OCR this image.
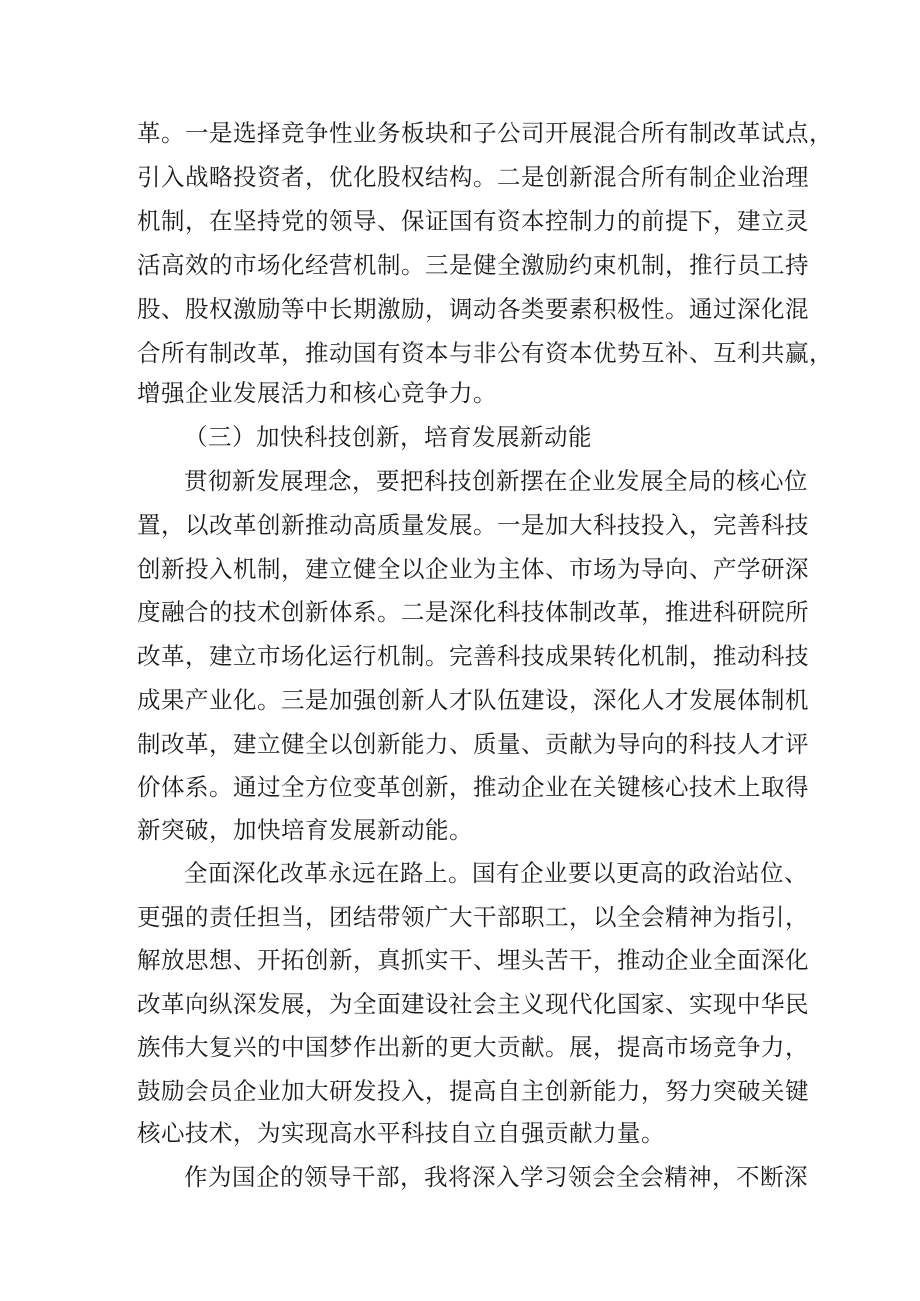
革。一是选择竞争性业务板块和子公司开展混合所有制改革试点，
引入战略投资者，优化股权结构。二是创新混合所有制企业治理
机制，在坚持党的领导、保证国有资本控制力的前提下，建立灵
活高效的市场化经营机制。三是健全激励约束机制，推行员工持
股、股权激励等中长期激励，调动各类要素积极性。通过深化混
合所有制改革，推动国有资本与非公有资本优势互补、互利共赢，
增强企业发展活力和核心竞争力。
（三）加快科技创新，培育发展新动能
贯彻新发展理念，要把科技创新摆在企业发展全局的核心位
置，以改革创新推动高质量发展。一是加大科技投入，完善科技
创新投入机制，建立健全以企业为主体、市场为导向、产学研深
度融合的技术创新体系。二是深化科技体制改革，推进科研院所
改革，建立市场化运行机制。完善科技成果转化机制，推动科技
成果产业化。三是加强创新人才队伍建设，深化人才发展体制机
制改革，建立健全以创新能力、质量、贡献为导向的科技人才评
价体系。通过全方位变革创新，推动企业在关键核心技术上取得
新突破，加快培育发展新动能。
全面深化改革永远在路上。国有企业要以更高的政治站位、
更强的责任担当，团结带领广大干部职工，以全会精神为指引，
解放思想、开拓创新，真抓实干、埋头苦干，推动企业全面深化
改革向纵深发展，为全面建设社会主义现代化国家、实现中华民
族伟大复兴的中国梦作出新的更大贡献。展，提高市场竞争力，
鼓励会员企业加大研发投入，提高自主创新能力，努力突破关键
核心技术，为实现高水平科技自立自强贡献力量。
作为国企的领导干部，我将深入学习领会全会精神，不断深
